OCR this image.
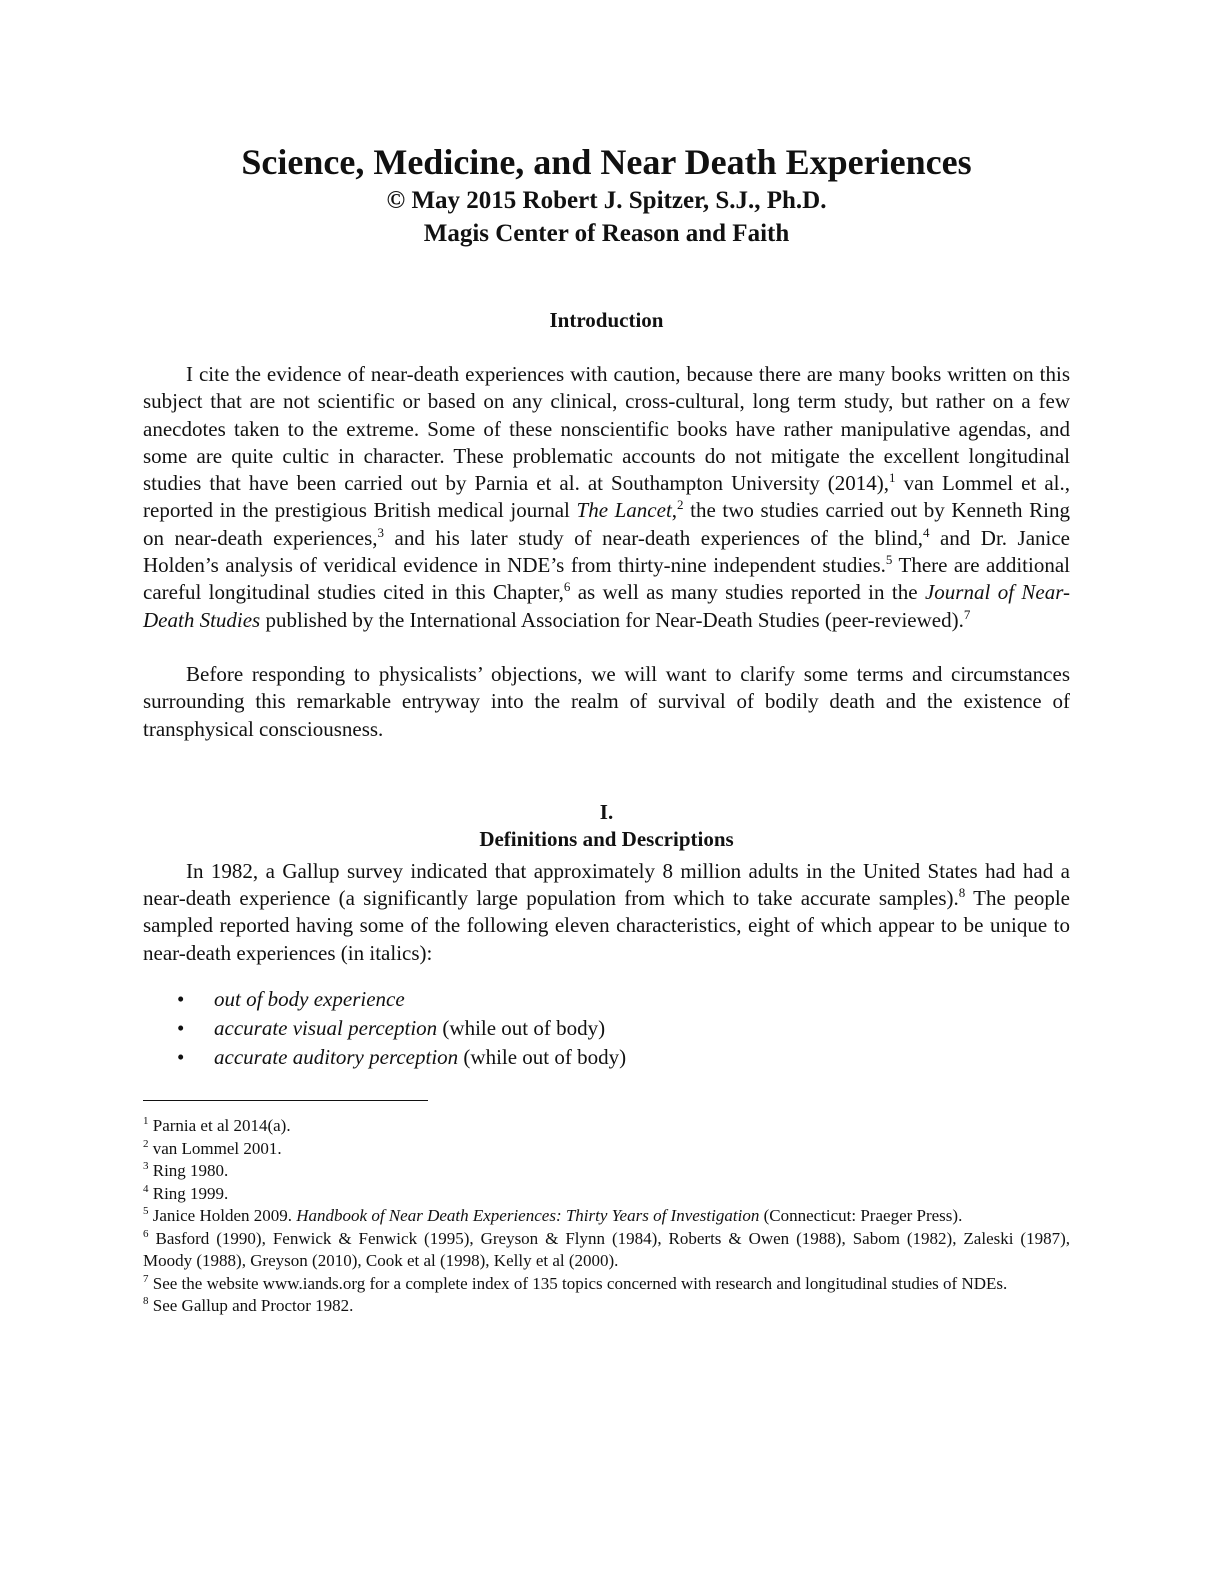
Science, Medicine, and Near Death Experiences
© May 2015 Robert J. Spitzer, S.J., Ph.D.
Magis Center of Reason and Faith
Introduction

I cite the evidence of near-death experiences with caution, because there are many books written on this subject that are not scientific or based on any clinical, cross-cultural, long term study, but rather on a few anecdotes taken to the extreme. Some of these nonscientific books have rather manipulative agendas, and some are quite cultic in character. These problematic accounts do not mitigate the excellent longitudinal studies that have been carried out by Parnia et al. at Southampton University (2014),$^1$ van Lommel et al., reported in the prestigious British medical journal The Lancet,$^2$ the two studies carried out by Kenneth Ring on near-death experiences,$^3$ and his later study of near-death experiences of the blind,$^4$ and Dr. Janice Holden’s analysis of veridical evidence in NDE’s from thirty-nine independent studies.$^5$ There are additional careful longitudinal studies cited in this Chapter,$^6$ as well as many studies reported in the Journal of Near-Death Studies published by the International Association for Near-Death Studies (peer-reviewed).$^7$

Before responding to physicalists’ objections, we will want to clarify some terms and circumstances surrounding this remarkable entryway into the realm of survival of bodily death and the existence of transphysical consciousness.

I.
Definitions and Descriptions

In 1982, a Gallup survey indicated that approximately 8 million adults in the United States had had a near-death experience (a significantly large population from which to take accurate samples).$^8$ The people sampled reported having some of the following eleven characteristics, eight of which appear to be unique to near-death experiences (in italics):

• out of body experience
• accurate visual perception (while out of body)
• accurate auditory perception (while out of body)

$^1$ Parnia et al 2014(a).

$^2$ van Lommel 2001.

$^3$ Ring 1980.

$^4$ Ring 1999.

$^5$ Janice Holden 2009. Handbook of Near Death Experiences: Thirty Years of Investigation (Connecticut: Praeger Press).

$^6$ Basford (1990), Fenwick & Fenwick (1995), Greyson & Flynn (1984), Roberts & Owen (1988), Sabom (1982), Zaleski (1987), Moody (1988), Greyson (2010), Cook et al (1998), Kelly et al (2000).

$^7$ See the website www.iands.org for a complete index of 135 topics concerned with research and longitudinal studies of NDEs.

$^8$ See Gallup and Proctor 1982.
